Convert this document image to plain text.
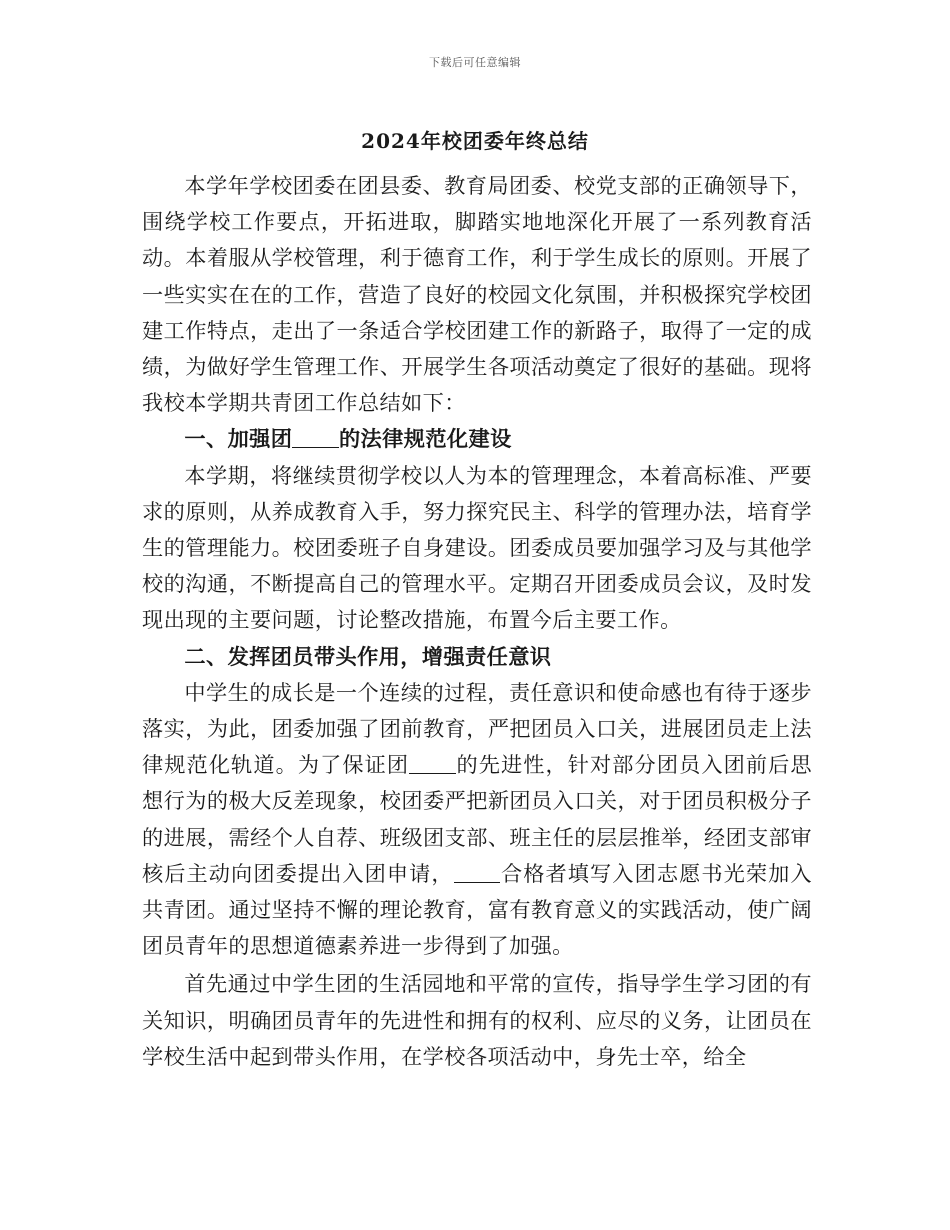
下载后可任意编辑
2024年校团委年终总结

本学年学校团委在团县委、教育局团委、校党支部的正确领导下，围绕学校工作要点，开拓进取，脚踏实地地深化开展了一系列教育活动。本着服从学校管理，利于德育工作，利于学生成长的原则。开展了一些实实在在的工作，营造了良好的校园文化氛围，并积极探究学校团建工作特点，走出了一条适合学校团建工作的新路子，取得了一定的成绩，为做好学生管理工作、开展学生各项活动奠定了很好的基础。现将我校本学期共青团工作总结如下：

一、加强团 的法律规范化建设

本学期，将继续贯彻学校以人为本的管理理念，本着高标准、严要求的原则，从养成教育入手，努力探究民主、科学的管理办法，培育学生的管理能力。校团委班子自身建设。团委成员要加强学习及与其他学校的沟通，不断提高自己的管理水平。定期召开团委成员会议，及时发现出现的主要问题，讨论整改措施，布置今后主要工作。

二、发挥团员带头作用，增强责任意识

中学生的成长是一个连续的过程，责任意识和使命感也有待于逐步落实，为此，团委加强了团前教育，严把团员入口关，进展团员走上法律规范化轨道。为了保证团 的先进性，针对部分团员入团前后思想行为的极大反差现象，校团委严把新团员入口关，对于团员积极分子的进展，需经个人自荐、班级团支部、班主任的层层推举，经团支部审核后主动向团委提出入团申请， 合格者填写入团志愿书光荣加入共青团。通过坚持不懈的理论教育，富有教育意义的实践活动，使广阔团员青年的思想道德素养进一步得到了加强。

首先通过中学生团的生活园地和平常的宣传，指导学生学习团的有关知识，明确团员青年的先进性和拥有的权利、应尽的义务，让团员在学校生活中起到带头作用，在学校各项活动中，身先士卒，给全
